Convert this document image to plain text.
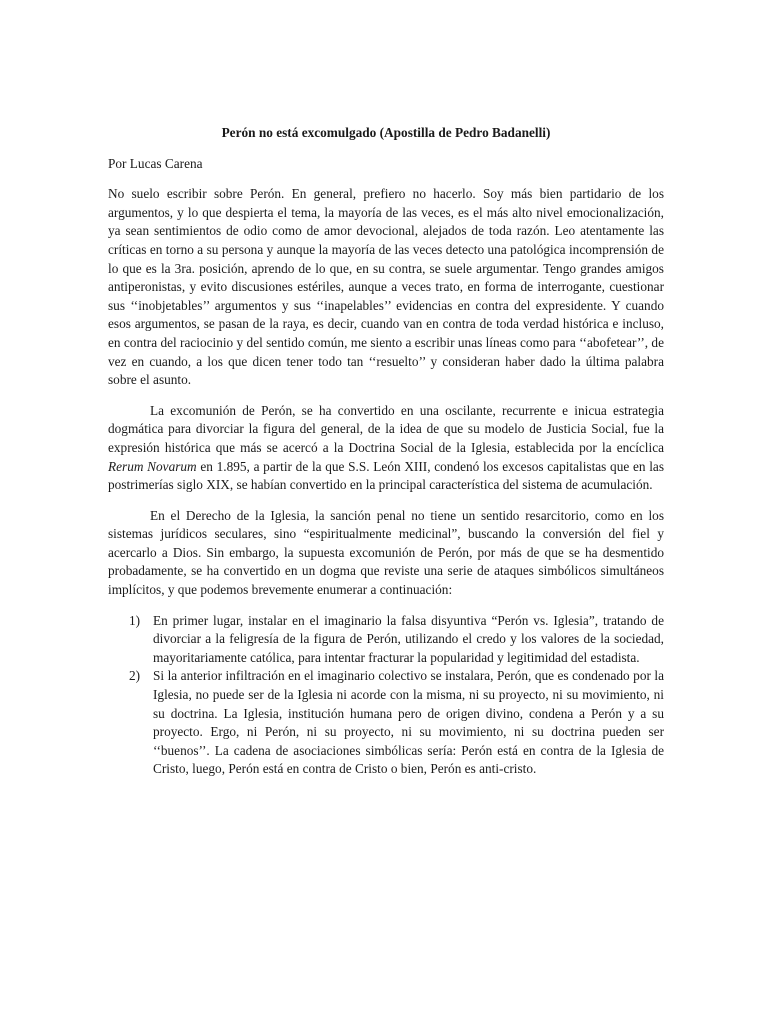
Perón no está excomulgado (Apostilla de Pedro Badanelli)
Por Lucas Carena

No suelo escribir sobre Perón. En general, prefiero no hacerlo. Soy más bien partidario de los argumentos, y lo que despierta el tema, la mayoría de las veces, es el más alto nivel emocionalización, ya sean sentimientos de odio como de amor devocional, alejados de toda razón. Leo atentamente las críticas en torno a su persona y aunque la mayoría de las veces detecto una patológica incomprensión de lo que es la 3ra. posición, aprendo de lo que, en su contra, se suele argumentar. Tengo grandes amigos antiperonistas, y evito discusiones estériles, aunque a veces trato, en forma de interrogante, cuestionar sus ‘‘inobjetables’’ argumentos y sus ‘‘inapelables’’ evidencias en contra del expresidente. Y cuando esos argumentos, se pasan de la raya, es decir, cuando van en contra de toda verdad histórica e incluso, en contra del raciocinio y del sentido común, me siento a escribir unas líneas como para ‘‘abofetear’’, de vez en cuando, a los que dicen tener todo tan ‘‘resuelto’’ y consideran haber dado la última palabra sobre el asunto.

La excomunión de Perón, se ha convertido en una oscilante, recurrente e inicua estrategia dogmática para divorciar la figura del general, de la idea de que su modelo de Justicia Social, fue la expresión histórica que más se acercó a la Doctrina Social de la Iglesia, establecida por la encíclica Rerum Novarum en 1.895, a partir de la que S.S. León XIII, condenó los excesos capitalistas que en las postrimerías siglo XIX, se habían convertido en la principal característica del sistema de acumulación.

En el Derecho de la Iglesia, la sanción penal no tiene un sentido resarcitorio, como en los sistemas jurídicos seculares, sino “espiritualmente medicinal”, buscando la conversión del fiel y acercarlo a Dios. Sin embargo, la supuesta excomunión de Perón, por más de que se ha desmentido probadamente, se ha convertido en un dogma que reviste una serie de ataques simbólicos simultáneos implícitos, y que podemos brevemente enumerar a continuación:

1) En primer lugar, instalar en el imaginario la falsa disyuntiva “Perón vs. Iglesia”, tratando de divorciar a la feligresía de la figura de Perón, utilizando el credo y los valores de la sociedad, mayoritariamente católica, para intentar fracturar la popularidad y legitimidad del estadista.
2) Si la anterior infiltración en el imaginario colectivo se instalara, Perón, que es condenado por la Iglesia, no puede ser de la Iglesia ni acorde con la misma, ni su proyecto, ni su movimiento, ni su doctrina. La Iglesia, institución humana pero de origen divino, condena a Perón y a su proyecto. Ergo, ni Perón, ni su proyecto, ni su movimiento, ni su doctrina pueden ser ‘‘buenos’’. La cadena de asociaciones simbólicas sería: Perón está en contra de la Iglesia de Cristo, luego, Perón está en contra de Cristo o bien, Perón es anti-cristo.
